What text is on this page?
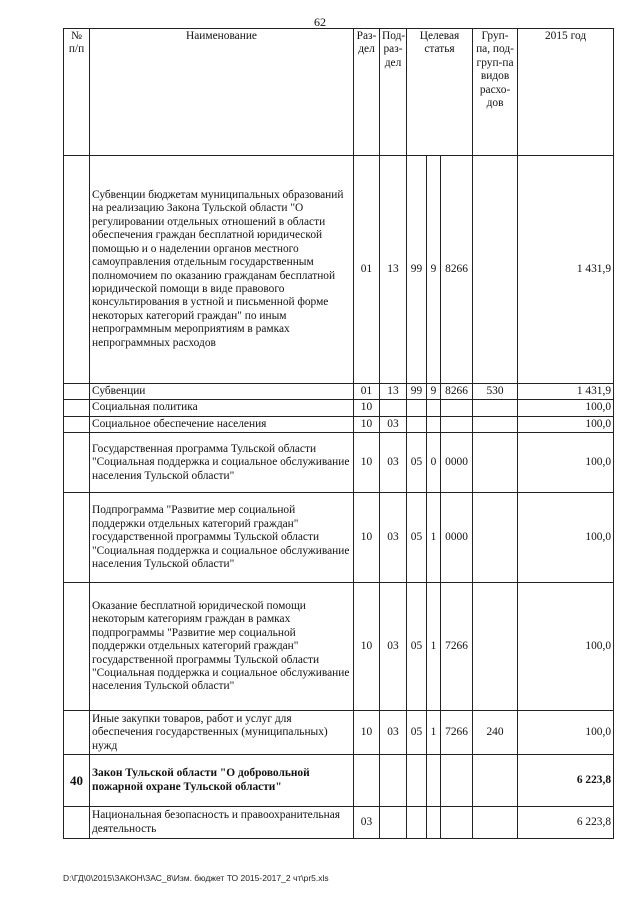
62
№ п/п	Наименование	Раз-дел	Под-раз-дел	Целевая статья			Груп-па, под-груп-па видов расхо-дов	2015 год
	Субвенции бюджетам муниципальных образований на реализацию Закона Тульской области "О регулировании отдельных отношений в области обеспечения граждан бесплатной юридической помощью и о наделении органов местного самоуправления отдельным государственным полномочием по оказанию гражданам бесплатной юридической помощи в виде правового консультирования в устной и письменной форме некоторых категорий граждан" по иным непрограммным мероприятиям в рамках непрограммных расходов	01	13	99	9	8266		1 431,9
	Субвенции	01	13	99	9	8266	530	1 431,9
	Социальная политика	10						100,0
	Социальное обеспечение населения	10	03					100,0
	Государственная программа Тульской области "Социальная поддержка и социальное обслуживание населения Тульской области"	10	03	05	0	0000		100,0
	Подпрограмма "Развитие мер социальной поддержки отдельных категорий граждан" государственной программы Тульской области "Социальная поддержка и социальное обслуживание населения Тульской области"	10	03	05	1	0000		100,0
	Оказание бесплатной юридической помощи некоторым категориям граждан в рамках подпрограммы "Развитие мер социальной поддержки отдельных категорий граждан" государственной программы Тульской области "Социальная поддержка и социальное обслуживание населения Тульской области"	10	03	05	1	7266		100,0
	Иные закупки товаров, работ и услуг для обеспечения государственных (муниципальных) нужд	10	03	05	1	7266	240	100,0
40	Закон Тульской области "О добровольной пожарной охране Тульской области"							6 223,8
	Национальная безопасность и правоохранительная деятельность	03						6 223,8
D:\ГД\0\2015\ЗАКОН\ЗАС_8\Изм. бюджет ТО 2015-2017_2 чт\pr5.xls
